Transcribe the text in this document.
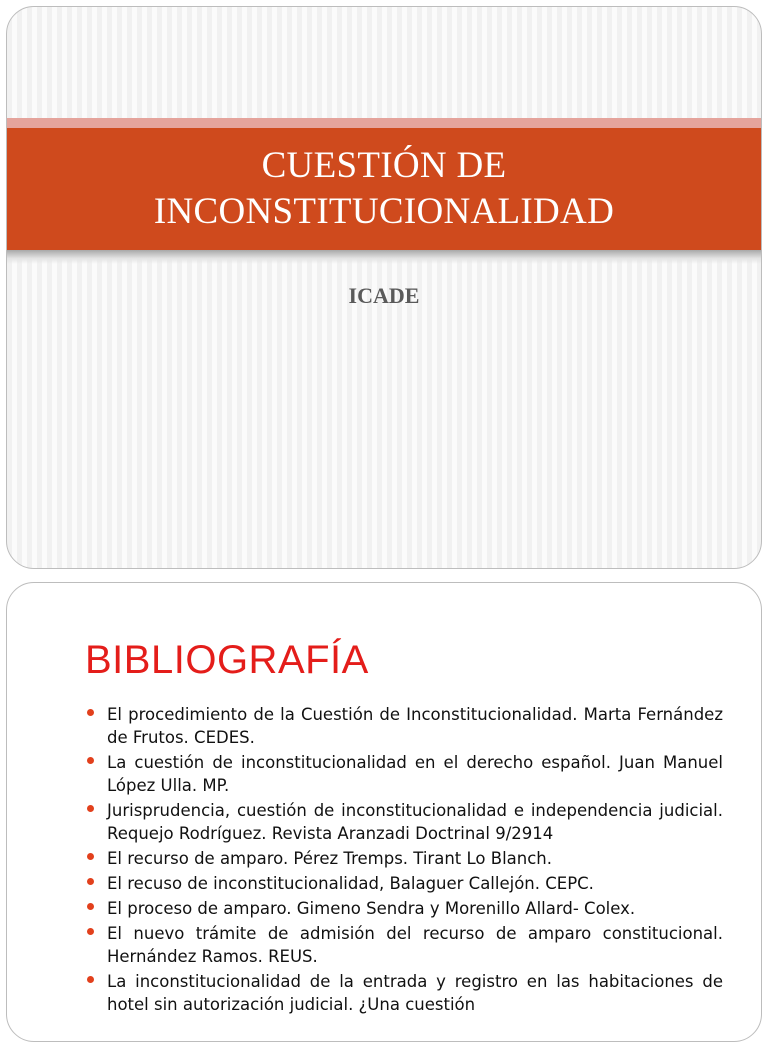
CUESTIÓN DE
INCONSTITUCIONALIDAD
ICADE
BIBLIOGRAFÍA
El procedimiento de la Cuestión de Inconstitucionalidad. Marta Fernández de Frutos. CEDES.
La cuestión de inconstitucionalidad en el derecho español. Juan Manuel López Ulla. MP.
Jurisprudencia, cuestión de inconstitucionalidad e independencia judicial. Requejo Rodríguez. Revista Aranzadi Doctrinal 9/2914
El recurso de amparo. Pérez Tremps. Tirant Lo Blanch.
El recuso de inconstitucionalidad, Balaguer Callejón. CEPC.
El proceso de amparo. Gimeno Sendra y Morenillo Allard- Colex.
El nuevo trámite de admisión del recurso de amparo constitucional. Hernández Ramos. REUS.
La inconstitucionalidad de la entrada y registro en las habitaciones de hotel sin autorización judicial. ¿Una cuestión
